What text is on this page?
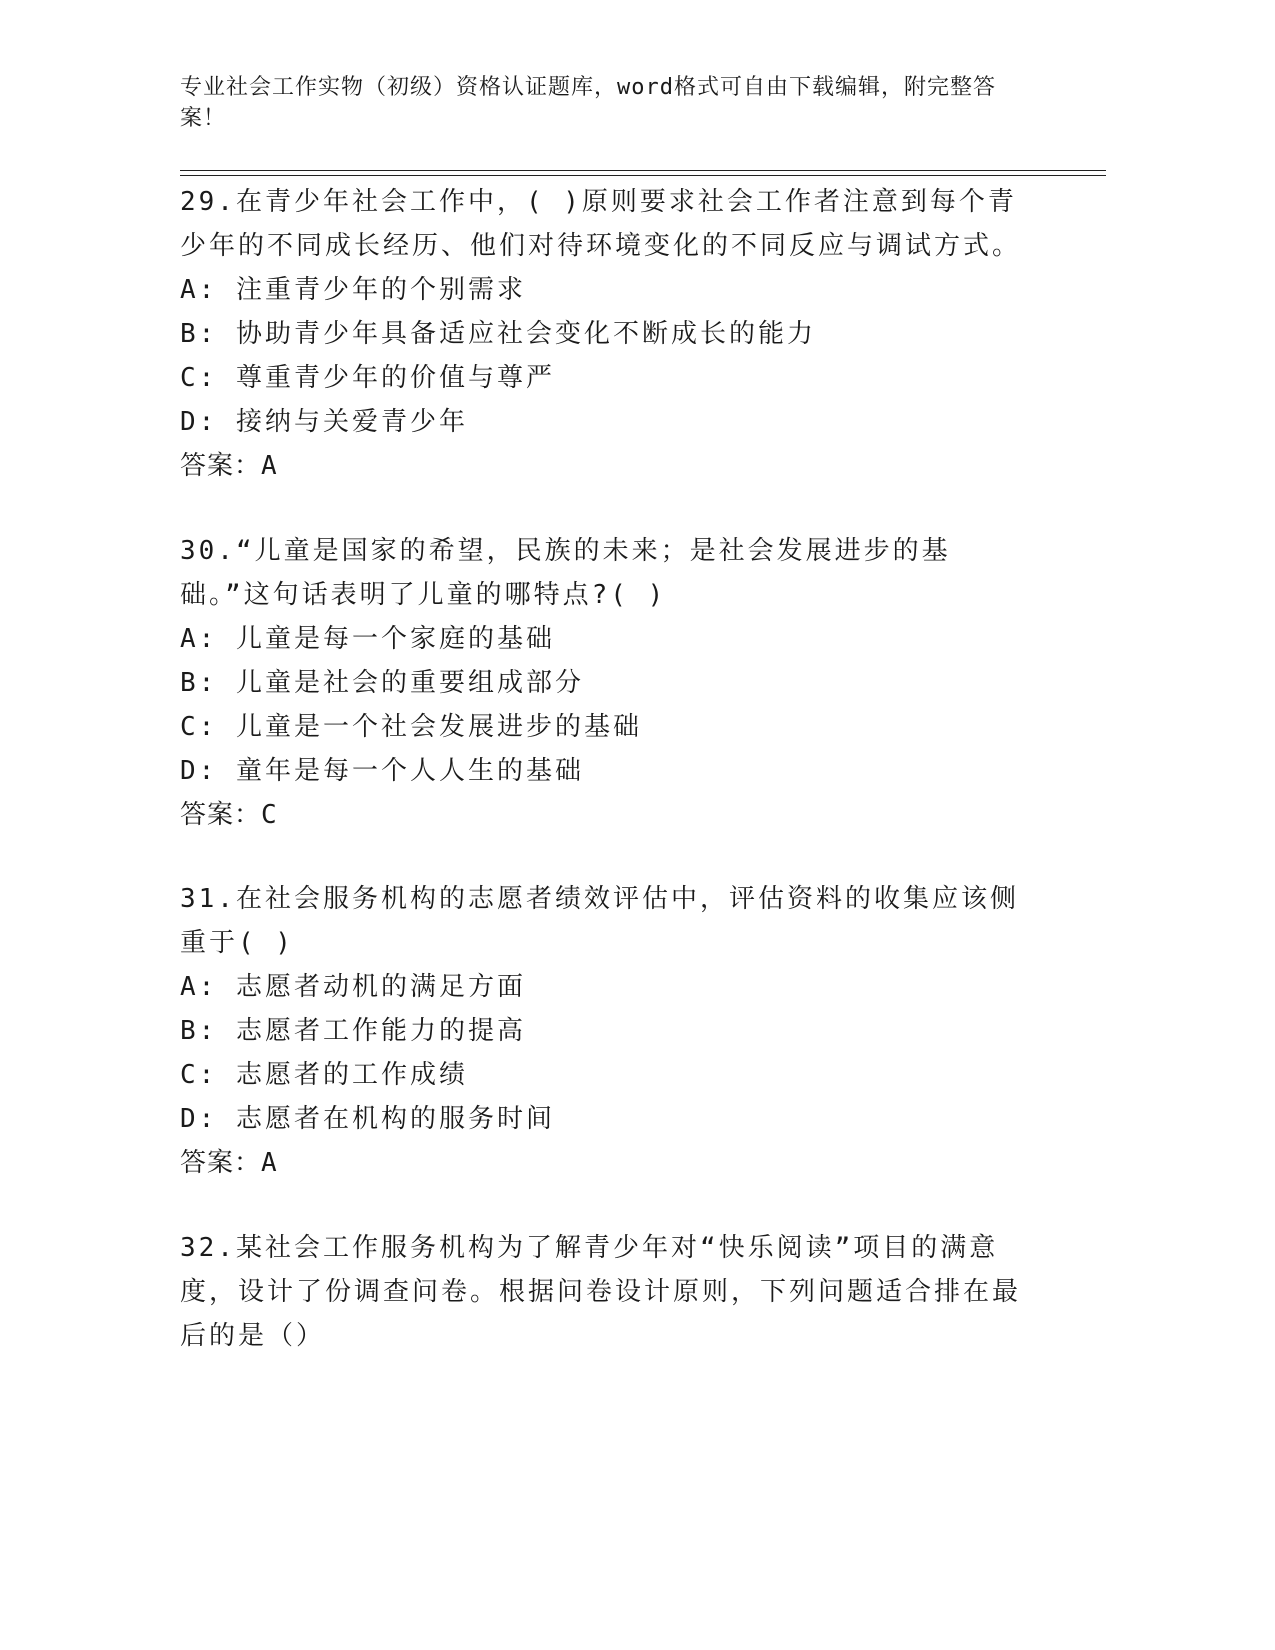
专业社会工作实物（初级）资格认证题库，word格式可自由下载编辑，附完整答案！
29.在青少年社会工作中，( )原则要求社会工作者注意到每个青少年的不同成长经历、他们对待环境变化的不同反应与调试方式。
A: 注重青少年的个别需求
B: 协助青少年具备适应社会变化不断成长的能力
C: 尊重青少年的价值与尊严
D: 接纳与关爱青少年
答案：A
30.“儿童是国家的希望，民族的未来；是社会发展进步的基础。”这句话表明了儿童的哪特点?( )
A: 儿童是每一个家庭的基础
B: 儿童是社会的重要组成部分
C: 儿童是一个社会发展进步的基础
D: 童年是每一个人人生的基础
答案：C
31.在社会服务机构的志愿者绩效评估中，评估资料的收集应该侧重于( )
A: 志愿者动机的满足方面
B: 志愿者工作能力的提高
C: 志愿者的工作成绩
D: 志愿者在机构的服务时间
答案：A
32.某社会工作服务机构为了解青少年对“快乐阅读”项目的满意度，设计了份调查问卷。根据问卷设计原则，下列问题适合排在最后的是（）
